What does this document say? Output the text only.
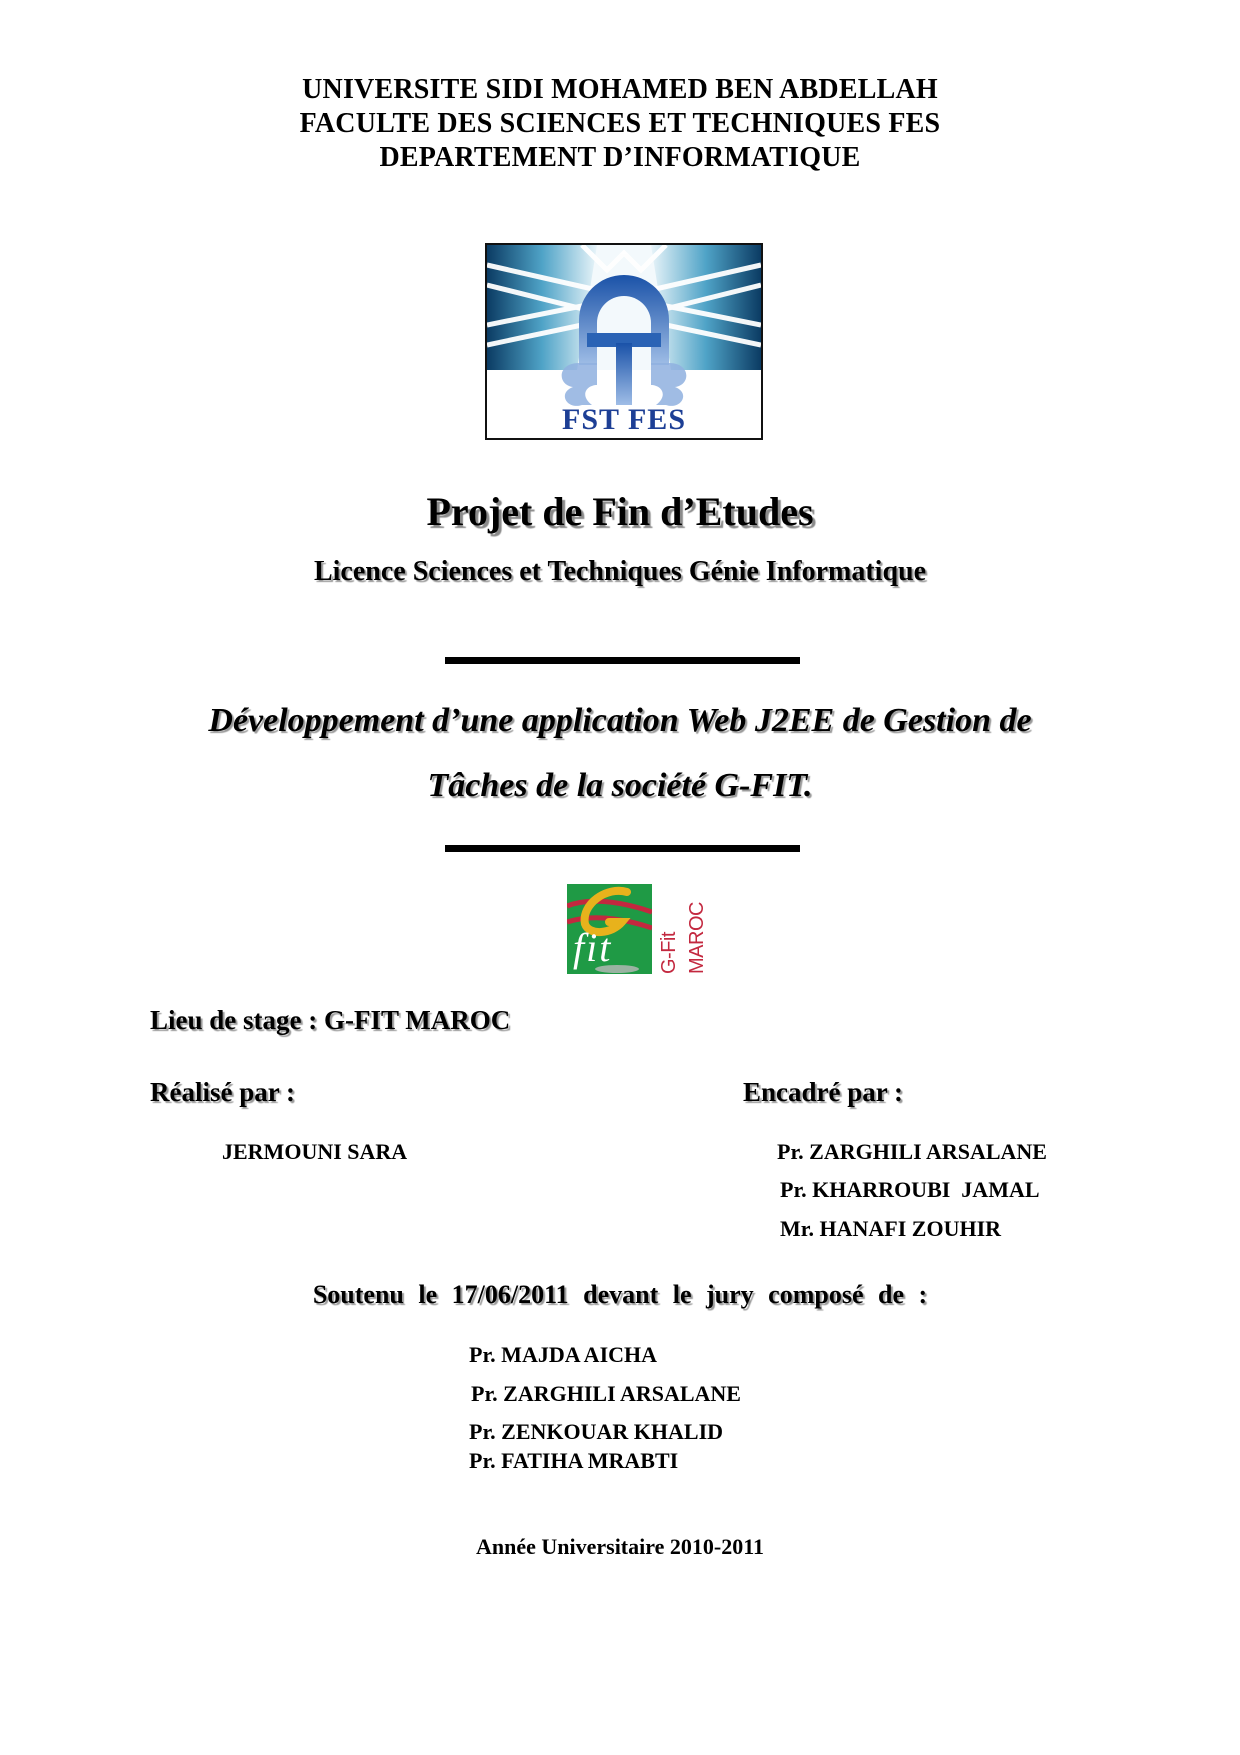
UNIVERSITE SIDI MOHAMED BEN ABDELLAH
FACULTE DES SCIENCES ET TECHNIQUES FES
DEPARTEMENT D’INFORMATIQUE
FST FES
Projet de Fin d’Etudes
Licence Sciences et Techniques Génie Informatique
Développement d’une application Web J2EE de Gestion de
Tâches de la société G-FIT.
fit G-Fit MAROC
Lieu de stage : G-FIT MAROC
Réalisé par :	Encadré par :
JERMOUNI SARA	Pr. ZARGHILI ARSALANE
Pr. KHARROUBI  JAMAL
Mr. HANAFI ZOUHIR
Soutenu le 17/06/2011 devant le jury composé de :
Pr. MAJDA AICHA
Pr. ZARGHILI ARSALANE
Pr. ZENKOUAR KHALID
Pr. FATIHA MRABTI
Année Universitaire 2010-2011
